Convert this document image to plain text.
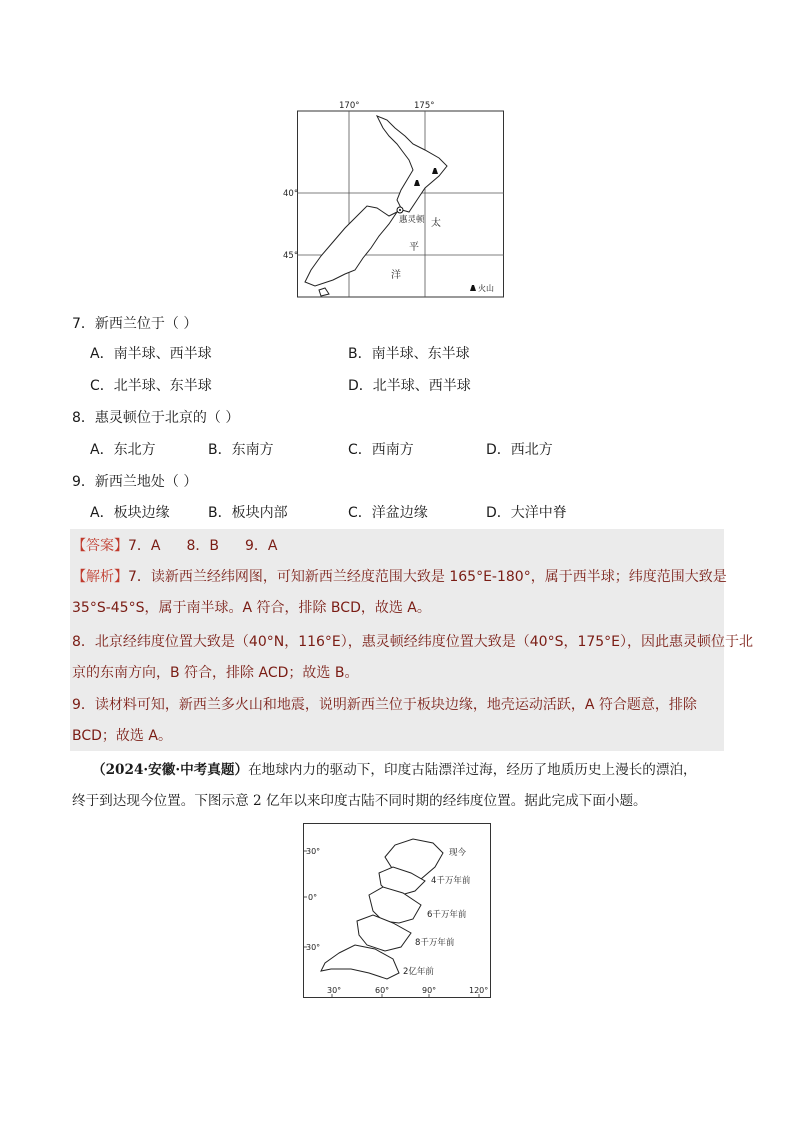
170°	175°
40°
45°
惠灵顿 太
平
洋
火山
7．新西兰位于（ ）
A．南半球、西半球	B．南半球、东半球
C．北半球、东半球	D．北半球、西半球
8．惠灵顿位于北京的（ ）
A．东北方	B．东南方	C．西南方	D．西北方
9．新西兰地处（ ）
A．板块边缘	B．板块内部	C．洋盆边缘	D．大洋中脊
【答案】7．A 8．B 9．A
【解析】7．读新西兰经纬网图，可知新西兰经度范围大致是 165°E-180°，属于西半球；纬度范围大致是
35°S-45°S，属于南半球。A 符合，排除 BCD，故选 A。
8．北京经纬度位置大致是（40°N，116°E），惠灵顿经纬度位置大致是（40°S，175°E），因此惠灵顿位于北
京的东南方向，B 符合，排除 ACD；故选 B。
9．读材料可知，新西兰多火山和地震，说明新西兰位于板块边缘，地壳运动活跃，A 符合题意，排除
BCD；故选 A。
（2024·安徽·中考真题）在地球内力的驱动下，印度古陆漂洋过海，经历了地质历史上漫长的漂泊，
终于到达现今位置。下图示意 2 亿年以来印度古陆不同时期的经纬度位置。据此完成下面小题。
30°
0°
30°
30°	60°	90°	120°
现今
4千万年前
6千万年前
8千万年前
2亿年前
